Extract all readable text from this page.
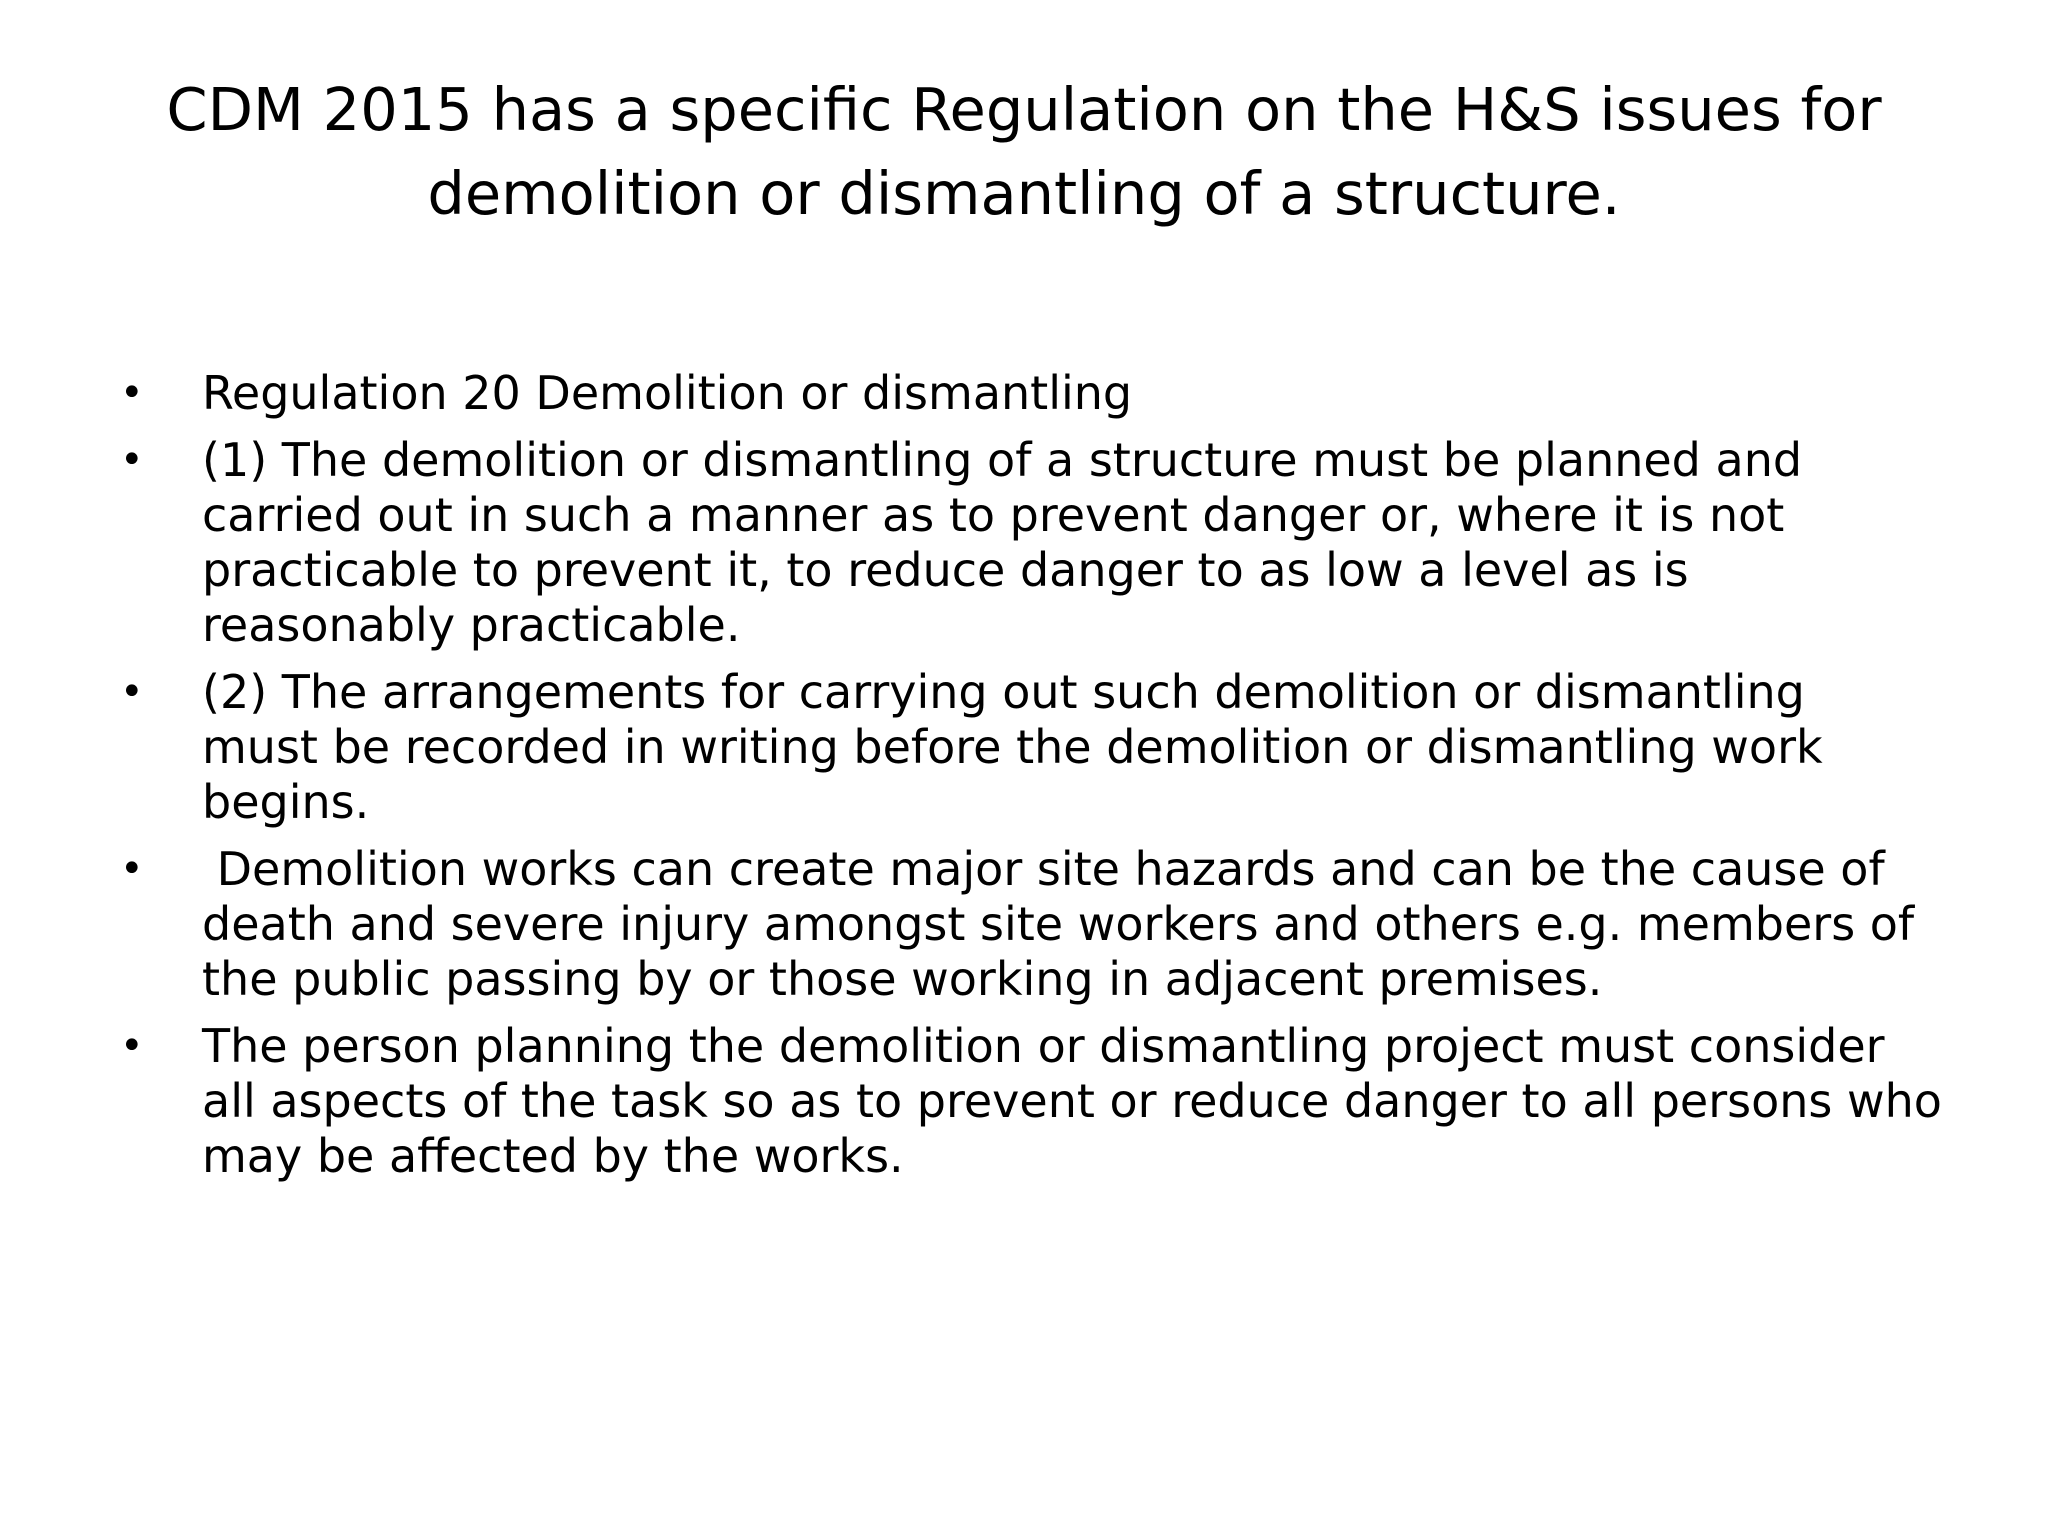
CDM 2015 has a specific Regulation on the H&S issues for
demolition or dismantling of a structure.
• Regulation 20 Demolition or dismantling
• (1) The demolition or dismantling of a structure must be planned and
carried out in such a manner as to prevent danger or, where it is not
practicable to prevent it, to reduce danger to as low a level as is
reasonably practicable.
• (2) The arrangements for carrying out such demolition or dismantling
must be recorded in writing before the demolition or dismantling work
begins.
• Demolition works can create major site hazards and can be the cause of
death and severe injury amongst site workers and others e.g. members of
the public passing by or those working in adjacent premises.
• The person planning the demolition or dismantling project must consider
all aspects of the task so as to prevent or reduce danger to all persons who
may be affected by the works.
